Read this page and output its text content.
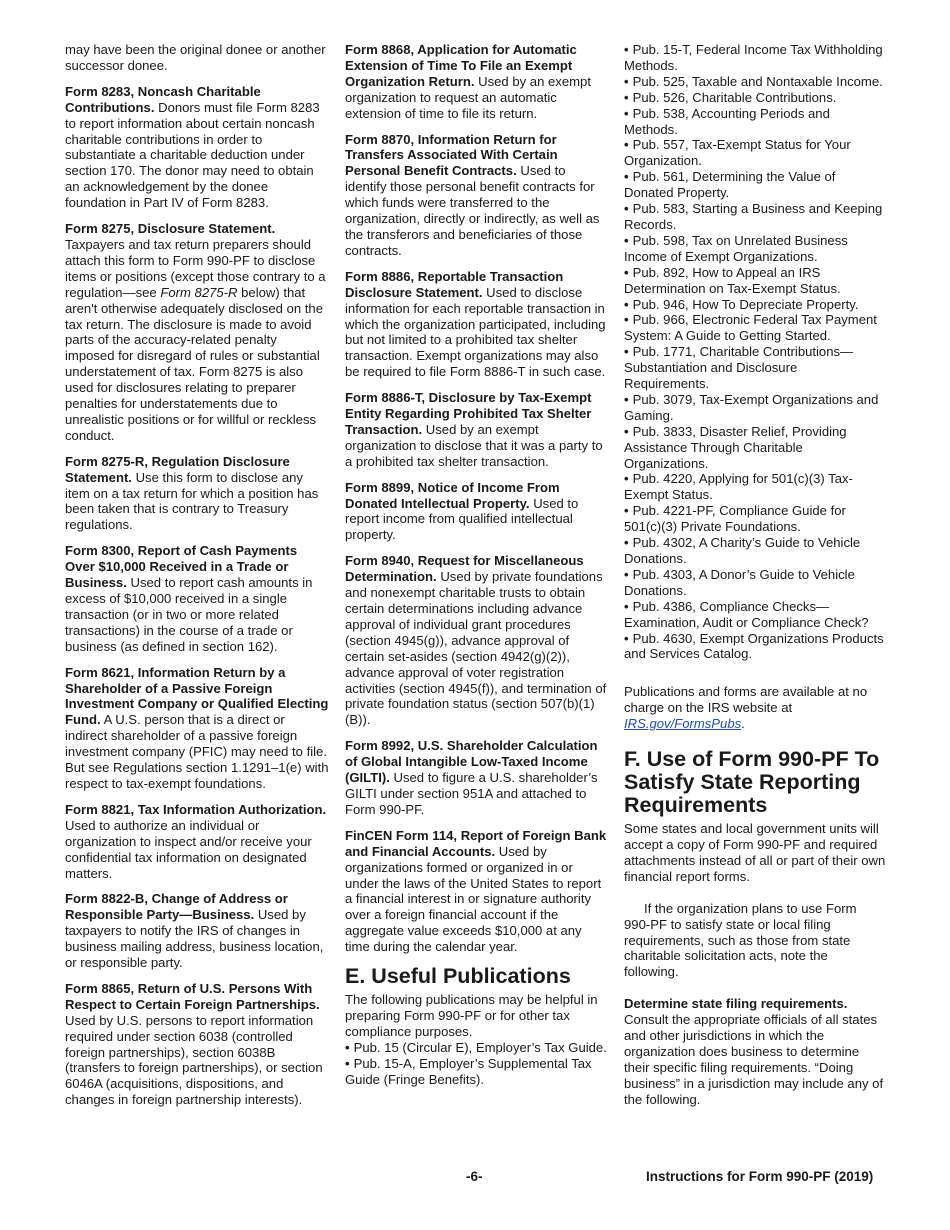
may have been the original donee or another successor donee.

Form 8283, Noncash Charitable Contributions. Donors must file Form 8283 to report information about certain noncash charitable contributions in order to substantiate a charitable deduction under section 170. The donor may need to obtain an acknowledgement by the donee foundation in Part IV of Form 8283.

Form 8275, Disclosure Statement. Taxpayers and tax return preparers should attach this form to Form 990-PF to disclose items or positions (except those contrary to a regulation—see Form 8275-R below) that aren't otherwise adequately disclosed on the tax return. The disclosure is made to avoid parts of the accuracy-related penalty imposed for disregard of rules or substantial understatement of tax. Form 8275 is also used for disclosures relating to preparer penalties for understatements due to unrealistic positions or for willful or reckless conduct.

Form 8275-R, Regulation Disclosure Statement. Use this form to disclose any item on a tax return for which a position has been taken that is contrary to Treasury regulations.

Form 8300, Report of Cash Payments Over $10,000 Received in a Trade or Business. Used to report cash amounts in excess of $10,000 received in a single transaction (or in two or more related transactions) in the course of a trade or business (as defined in section 162).

Form 8621, Information Return by a Shareholder of a Passive Foreign Investment Company or Qualified Electing Fund. A U.S. person that is a direct or indirect shareholder of a passive foreign investment company (PFIC) may need to file. But see Regulations section 1.1291–1(e) with respect to tax-exempt foundations.

Form 8821, Tax Information Authorization. Used to authorize an individual or organization to inspect and/or receive your confidential tax information on designated matters.

Form 8822-B, Change of Address or Responsible Party—Business. Used by taxpayers to notify the IRS of changes in business mailing address, business location, or responsible party.

Form 8865, Return of U.S. Persons With Respect to Certain Foreign Partnerships. Used by U.S. persons to report information required under section 6038 (controlled foreign partnerships), section 6038B (transfers to foreign partnerships), or section 6046A (acquisitions, dispositions, and changes in foreign partnership interests).

Form 8868, Application for Automatic Extension of Time To File an Exempt Organization Return. Used by an exempt organization to request an automatic extension of time to file its return.

Form 8870, Information Return for Transfers Associated With Certain Personal Benefit Contracts. Used to identify those personal benefit contracts for which funds were transferred to the organization, directly or indirectly, as well as the transferors and beneficiaries of those contracts.

Form 8886, Reportable Transaction Disclosure Statement. Used to disclose information for each reportable transaction in which the organization participated, including but not limited to a prohibited tax shelter transaction. Exempt organizations may also be required to file Form 8886-T in such case.

Form 8886-T, Disclosure by Tax-Exempt Entity Regarding Prohibited Tax Shelter Transaction. Used by an exempt organization to disclose that it was a party to a prohibited tax shelter transaction.

Form 8899, Notice of Income From Donated Intellectual Property. Used to report income from qualified intellectual property.

Form 8940, Request for Miscellaneous Determination. Used by private foundations and nonexempt charitable trusts to obtain certain determinations including advance approval of individual grant procedures (section 4945(g)), advance approval of certain set-asides (section 4942(g)(2)), advance approval of voter registration activities (section 4945(f)), and termination of private foundation status (section 507(b)(1)(B)).

Form 8992, U.S. Shareholder Calculation of Global Intangible Low-Taxed Income (GILTI). Used to figure a U.S. shareholder’s GILTI under section 951A and attached to Form 990-PF.

FinCEN Form 114, Report of Foreign Bank and Financial Accounts. Used by organizations formed or organized in or under the laws of the United States to report a financial interest in or signature authority over a foreign financial account if the aggregate value exceeds $10,000 at any time during the calendar year.

E. Useful Publications

The following publications may be helpful in preparing Form 990-PF or for other tax compliance purposes.

• Pub. 15 (Circular E), Employer’s Tax Guide.

• Pub. 15-A, Employer’s Supplemental Tax Guide (Fringe Benefits).

• Pub. 15-T, Federal Income Tax Withholding Methods.

• Pub. 525, Taxable and Nontaxable Income.

• Pub. 526, Charitable Contributions.

• Pub. 538, Accounting Periods and Methods.

• Pub. 557, Tax-Exempt Status for Your Organization.

• Pub. 561, Determining the Value of Donated Property.

• Pub. 583, Starting a Business and Keeping Records.

• Pub. 598, Tax on Unrelated Business Income of Exempt Organizations.

• Pub. 892, How to Appeal an IRS Determination on Tax-Exempt Status.

• Pub. 946, How To Depreciate Property.

• Pub. 966, Electronic Federal Tax Payment System: A Guide to Getting Started.

• Pub. 1771, Charitable Contributions—Substantiation and Disclosure Requirements.

• Pub. 3079, Tax-Exempt Organizations and Gaming.

• Pub. 3833, Disaster Relief, Providing Assistance Through Charitable Organizations.

• Pub. 4220, Applying for 501(c)(3) Tax-Exempt Status.

• Pub. 4221-PF, Compliance Guide for 501(c)(3) Private Foundations.

• Pub. 4302, A Charity’s Guide to Vehicle Donations.

• Pub. 4303, A Donor’s Guide to Vehicle Donations.

• Pub. 4386, Compliance Checks—Examination, Audit or Compliance Check?

• Pub. 4630, Exempt Organizations Products and Services Catalog.

Publications and forms are available at no charge on the IRS website at IRS.gov/FormsPubs.

F. Use of Form 990-PF To Satisfy State Reporting Requirements

Some states and local government units will accept a copy of Form 990-PF and required attachments instead of all or part of their own financial report forms.

If the organization plans to use Form 990-PF to satisfy state or local filing requirements, such as those from state charitable solicitation acts, note the following.

Determine state filing requirements.
Consult the appropriate officials of all states and other jurisdictions in which the organization does business to determine their specific filing requirements. “Doing business” in a jurisdiction may include any of the following.

-6-	Instructions for Form 990-PF (2019)
